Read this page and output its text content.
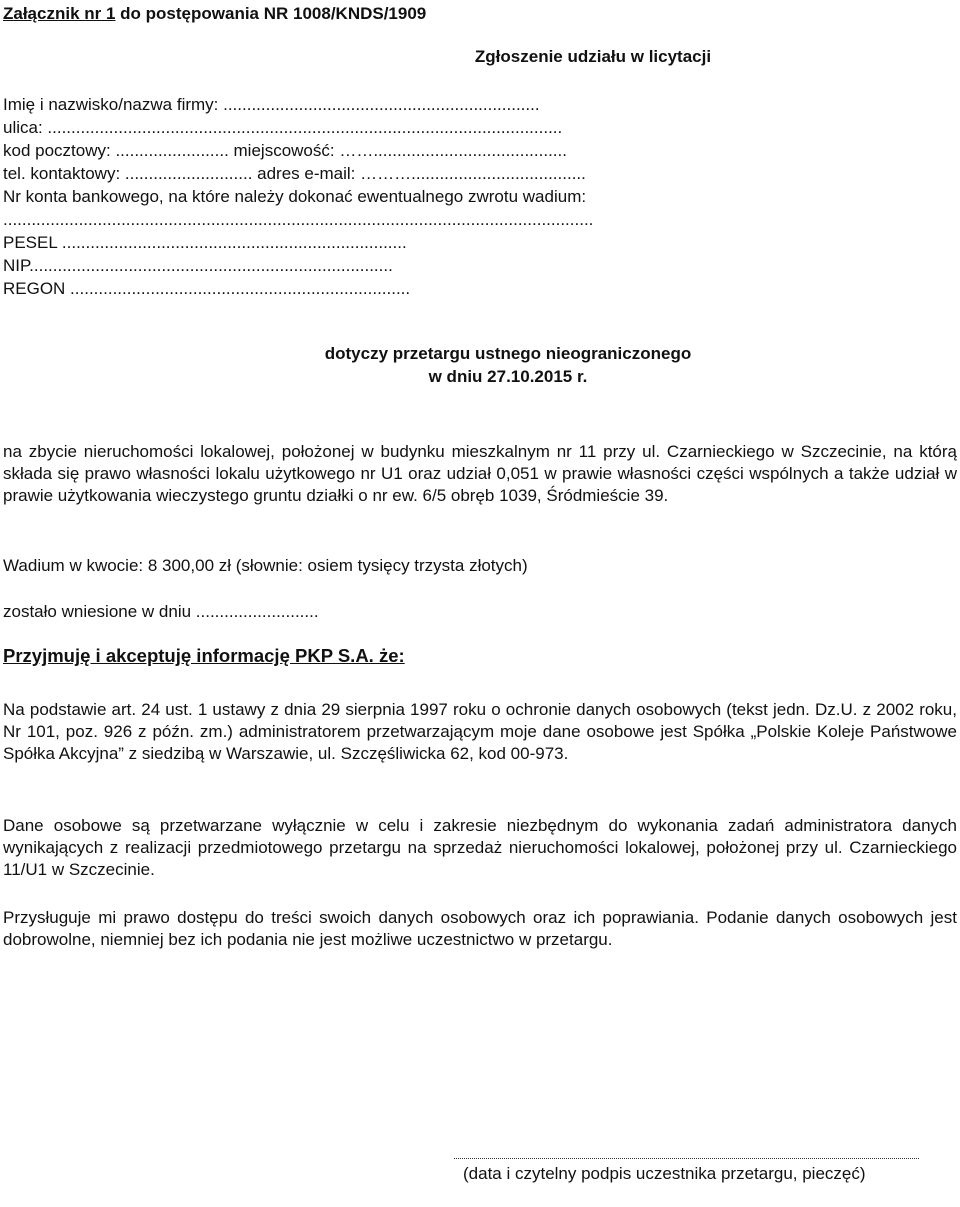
Załącznik nr 1 do postępowania NR 1008/KNDS/1909
Zgłoszenie udziału w licytacji
Imię i nazwisko/nazwa firmy: ...................................................................
ulica: .............................................................................................................
kod pocztowy: ........................ miejscowość: …….........................................
tel. kontaktowy: ........................... adres e-mail: ……….....................................
Nr konta bankowego, na które należy dokonać ewentualnego zwrotu wadium:
.............................................................................................................................
PESEL .........................................................................
NIP.............................................................................
REGON ........................................................................
dotyczy przetargu ustnego nieograniczonego
w dniu 27.10.2015 r.
na zbycie nieruchomości lokalowej, położonej w budynku mieszkalnym nr 11 przy ul. Czarnieckiego w Szczecinie, na którą składa się prawo własności lokalu użytkowego nr U1 oraz udział 0,051 w prawie własności części wspólnych a także udział w prawie użytkowania wieczystego gruntu działki o nr ew. 6/5 obręb 1039, Śródmieście 39.
Wadium w kwocie: 8 300,00 zł (słownie: osiem tysięcy trzysta złotych)
zostało wniesione w dniu ..........................
Przyjmuję i akceptuję informację PKP S.A. że:
Na podstawie art. 24 ust. 1 ustawy z dnia 29 sierpnia 1997 roku o ochronie danych osobowych (tekst jedn. Dz.U. z 2002 roku, Nr 101, poz. 926 z późn. zm.) administratorem przetwarzającym moje dane osobowe jest Spółka „Polskie Koleje Państwowe Spółka Akcyjna” z siedzibą w Warszawie, ul. Szczęśliwicka 62, kod 00-973.
Dane osobowe są przetwarzane wyłącznie w celu i zakresie niezbędnym do wykonania zadań administratora danych wynikających z realizacji przedmiotowego przetargu na sprzedaż nieruchomości lokalowej, położonej przy ul. Czarnieckiego 11/U1 w Szczecinie.
Przysługuje mi prawo dostępu do treści swoich danych osobowych oraz ich poprawiania. Podanie danych osobowych jest dobrowolne, niemniej bez ich podania nie jest możliwe uczestnictwo w przetargu.
(data i czytelny podpis uczestnika przetargu, pieczęć)
